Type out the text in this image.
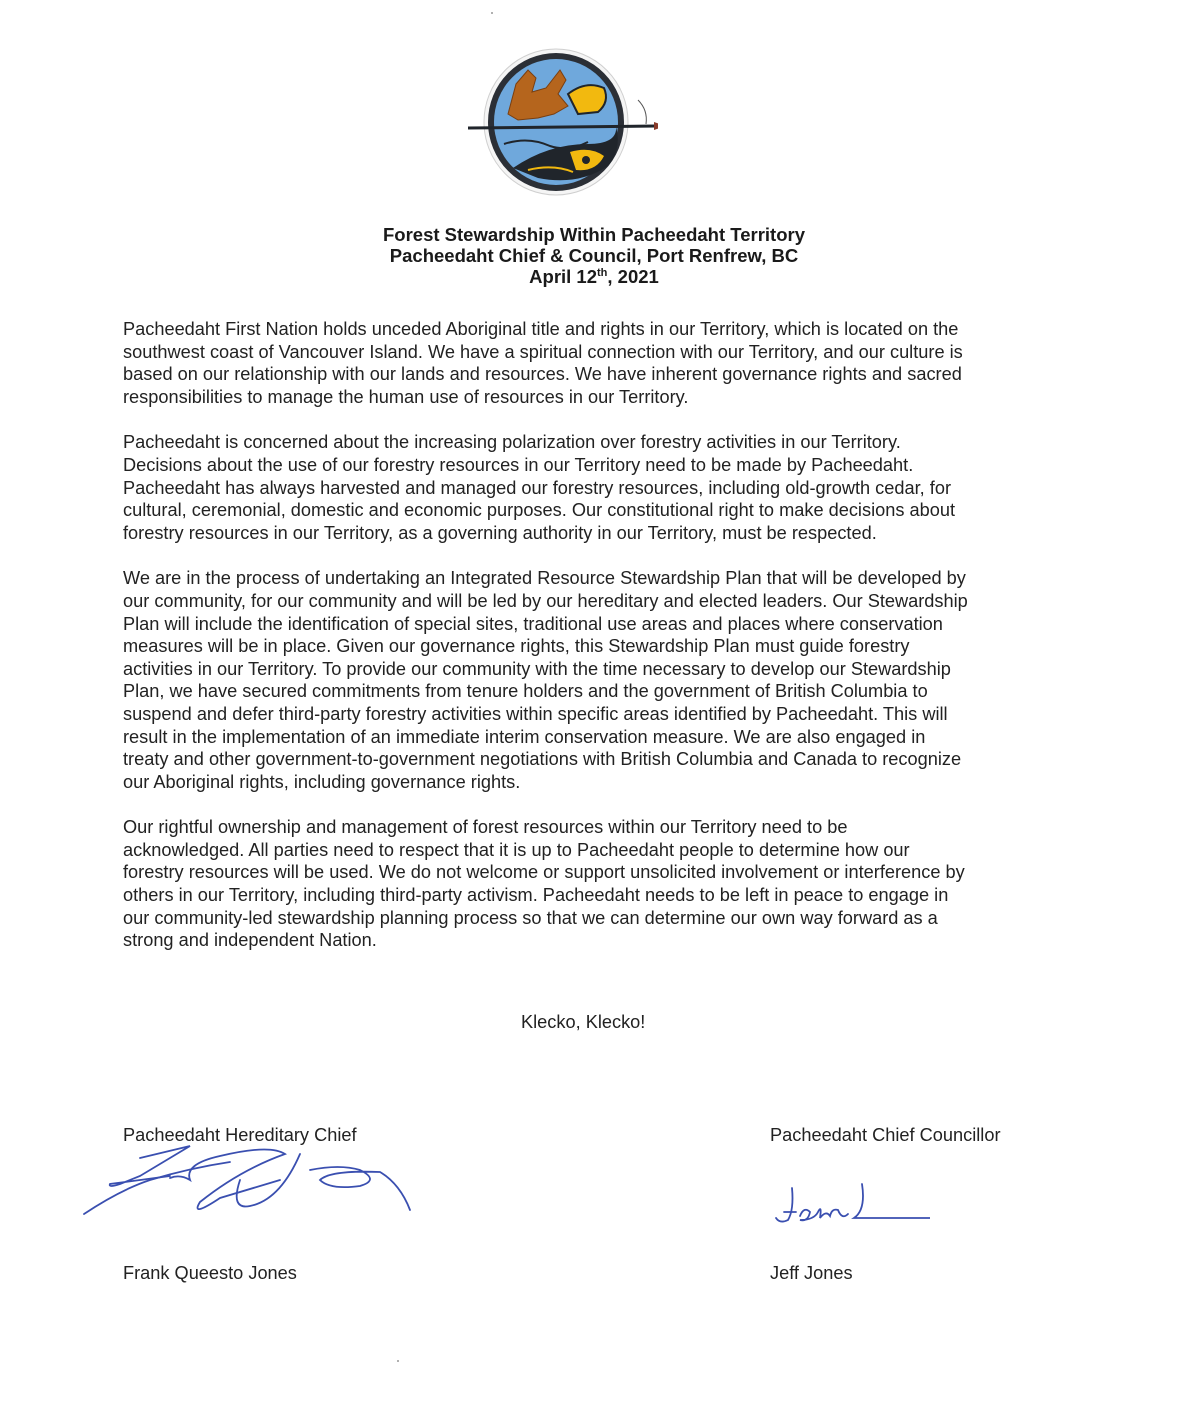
Forest Stewardship Within Pacheedaht Territory
Pacheedaht Chief & Council, Port Renfrew, BC
April 12th, 2021

Pacheedaht First Nation holds unceded Aboriginal title and rights in our Territory, which is located on the
southwest coast of Vancouver Island. We have a spiritual connection with our Territory, and our culture is
based on our relationship with our lands and resources. We have inherent governance rights and sacred
responsibilities to manage the human use of resources in our Territory.

Pacheedaht is concerned about the increasing polarization over forestry activities in our Territory.
Decisions about the use of our forestry resources in our Territory need to be made by Pacheedaht.
Pacheedaht has always harvested and managed our forestry resources, including old-growth cedar, for
cultural, ceremonial, domestic and economic purposes. Our constitutional right to make decisions about
forestry resources in our Territory, as a governing authority in our Territory, must be respected.

We are in the process of undertaking an Integrated Resource Stewardship Plan that will be developed by
our community, for our community and will be led by our hereditary and elected leaders. Our Stewardship
Plan will include the identification of special sites, traditional use areas and places where conservation
measures will be in place. Given our governance rights, this Stewardship Plan must guide forestry
activities in our Territory. To provide our community with the time necessary to develop our Stewardship
Plan, we have secured commitments from tenure holders and the government of British Columbia to
suspend and defer third-party forestry activities within specific areas identified by Pacheedaht. This will
result in the implementation of an immediate interim conservation measure. We are also engaged in
treaty and other government-to-government negotiations with British Columbia and Canada to recognize
our Aboriginal rights, including governance rights.

Our rightful ownership and management of forest resources within our Territory need to be
acknowledged. All parties need to respect that it is up to Pacheedaht people to determine how our
forestry resources will be used. We do not welcome or support unsolicited involvement or interference by
others in our Territory, including third-party activism. Pacheedaht needs to be left in peace to engage in
our community-led stewardship planning process so that we can determine our own way forward as a
strong and independent Nation.

Klecko, Klecko!
Pacheedaht Hereditary Chief
Frank Queesto Jones
Pacheedaht Chief Councillor
Jeff Jones
